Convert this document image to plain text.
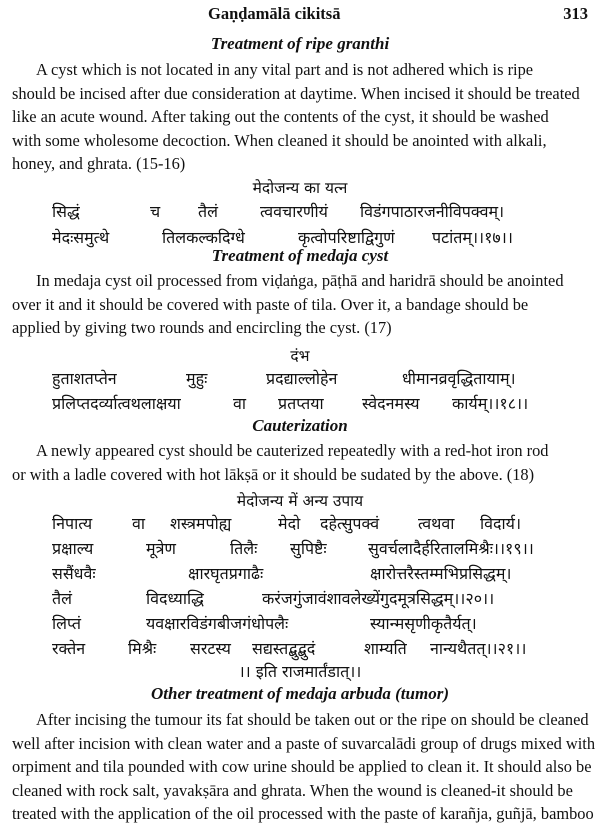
Gaṇḍamālā cikitsā	313
Treatment of ripe granthi
A cyst which is not located in any vital part and is not adhered which is ripe
should be incised after due consideration at daytime. When incised it should be treated
like an acute wound. After taking out the contents of the cyst, it should be washed
with some wholesome decoction. When cleaned it should be anointed with alkali,
honey, and ghrata. (15-16)
मेदोजन्य का यत्न
सिद्धं	च तैलं	त्ववचारणीयं विडंगपाठारजनीविपक्वम्।
मेदःसमुत्थे	तिलकल्कदिग्धे	कृत्वोपरिष्टाद्विगुणं पटांतम्।।१७।।
Treatment of medaja cyst
In medaja cyst oil processed from viḍaṅga, pāṭhā and haridrā should be anointed
over it and it should be covered with paste of tila. Over it, a bandage should be
applied by giving two rounds and encircling the cyst. (17)
दंभ
हुताशतप्तेन	मुहुः	प्रदद्याल्लोहेन	धीमानव्रवृद्धितायाम्।
प्रलिप्तदर्व्यात्वथलाक्षया	वा प्रतप्तया स्वेदनमस्य कार्यम्।।१८।।
Cauterization
A newly appeared cyst should be cauterized repeatedly with a red-hot iron rod
or with a ladle covered with hot lākṣā or it should be sudated by the above. (18)
मेदोजन्य में अन्य उपाय
निपात्य वा शस्त्रमपोह्य	मेदो दहेत्सुपक्वं त्वथवा विदार्य।
प्रक्षाल्य	मूत्रेण	तिलैः सुपिष्टैः	सुवर्चलादैर्हरितालमिश्रैः।।१९।।
ससैंधवैः	क्षारघृतप्रगाढैः	क्षारोत्तरैस्तम्मभिप्रसिद्धम्।
तैलं	विदध्याद्धि	करंजगुंजावंशावलेख्येंगुदमूत्रसिद्धम्।।२०।।
लिप्तं	यवक्षारविडंगबीजगंधोपलैः	स्यान्मसृणीकृतैर्यत्।
रक्तेन	मिश्रैः सरटस्य सद्यस्तद्बुद्बुदं	शाम्यति नान्यथैतत्।।२१।।
।। इति राजमार्तंडात्।।
Other treatment of medaja arbuda (tumor)
After incising the tumour its fat should be taken out or the ripe on should be cleaned
well after incision with clean water and a paste of suvarcalādi group of drugs mixed with
orpiment and tila pounded with cow urine should be applied to clean it. It should also be
cleaned with rock salt, yavakṣāra and ghrata. When the wound is cleaned-it should be
treated with the application of the oil processed with the paste of karañja, guñjā, bamboo
